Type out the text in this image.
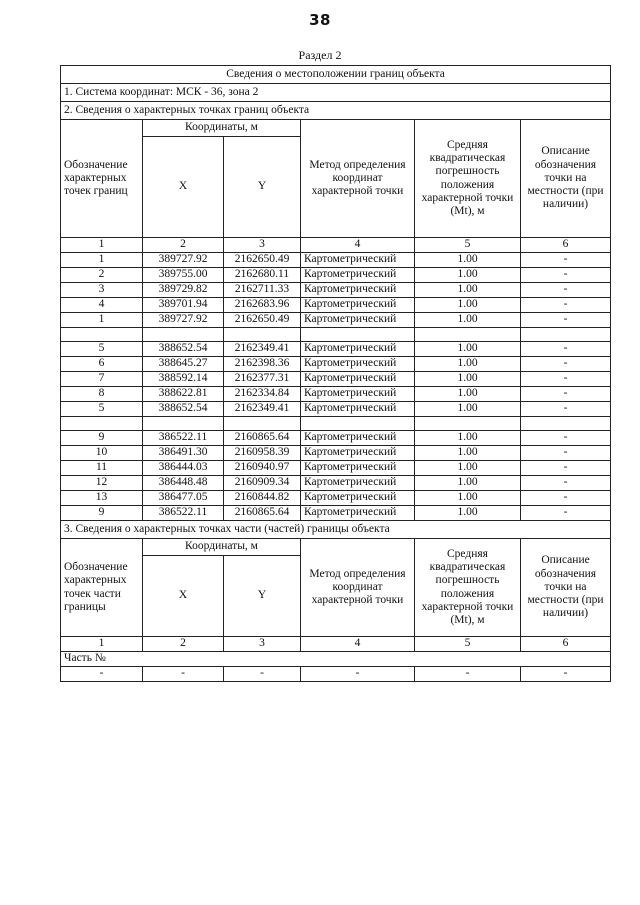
38
Раздел 2
Сведения о местоположении границ объекта					
1. Система координат: МСК - 36, зона 2					
2. Сведения о характерных точках границ объекта					
Обозначение характерных точек границ	Координаты, м		Метод определения координат характерной точки	Средняя квадратическая погрешность положения характерной точки (Mt), м	Описание обозначения точки на местности (при наличии)
	X	Y			
1	2	3	4	5	6
1	389727.92	2162650.49	Картометрический	1.00	-
2	389755.00	2162680.11	Картометрический	1.00	-
3	389729.82	2162711.33	Картометрический	1.00	-
4	389701.94	2162683.96	Картометрический	1.00	-
1	389727.92	2162650.49	Картометрический	1.00	-

5	388652.54	2162349.41	Картометрический	1.00	-
6	388645.27	2162398.36	Картометрический	1.00	-
7	388592.14	2162377.31	Картометрический	1.00	-
8	388622.81	2162334.84	Картометрический	1.00	-
5	388652.54	2162349.41	Картометрический	1.00	-

9	386522.11	2160865.64	Картометрический	1.00	-
10	386491.30	2160958.39	Картометрический	1.00	-
11	386444.03	2160940.97	Картометрический	1.00	-
12	386448.48	2160909.34	Картометрический	1.00	-
13	386477.05	2160844.82	Картометрический	1.00	-
9	386522.11	2160865.64	Картометрический	1.00	-
3. Сведения о характерных точках части (частей) границы объекта					
Обозначение характерных точек части границы	Координаты, м		Метод определения координат характерной точки	Средняя квадратическая погрешность положения характерной точки (Mt), м	Описание обозначения точки на местности (при наличии)
	X	Y			
1	2	3	4	5	6
Часть №					
-	-	-	-	-	-
